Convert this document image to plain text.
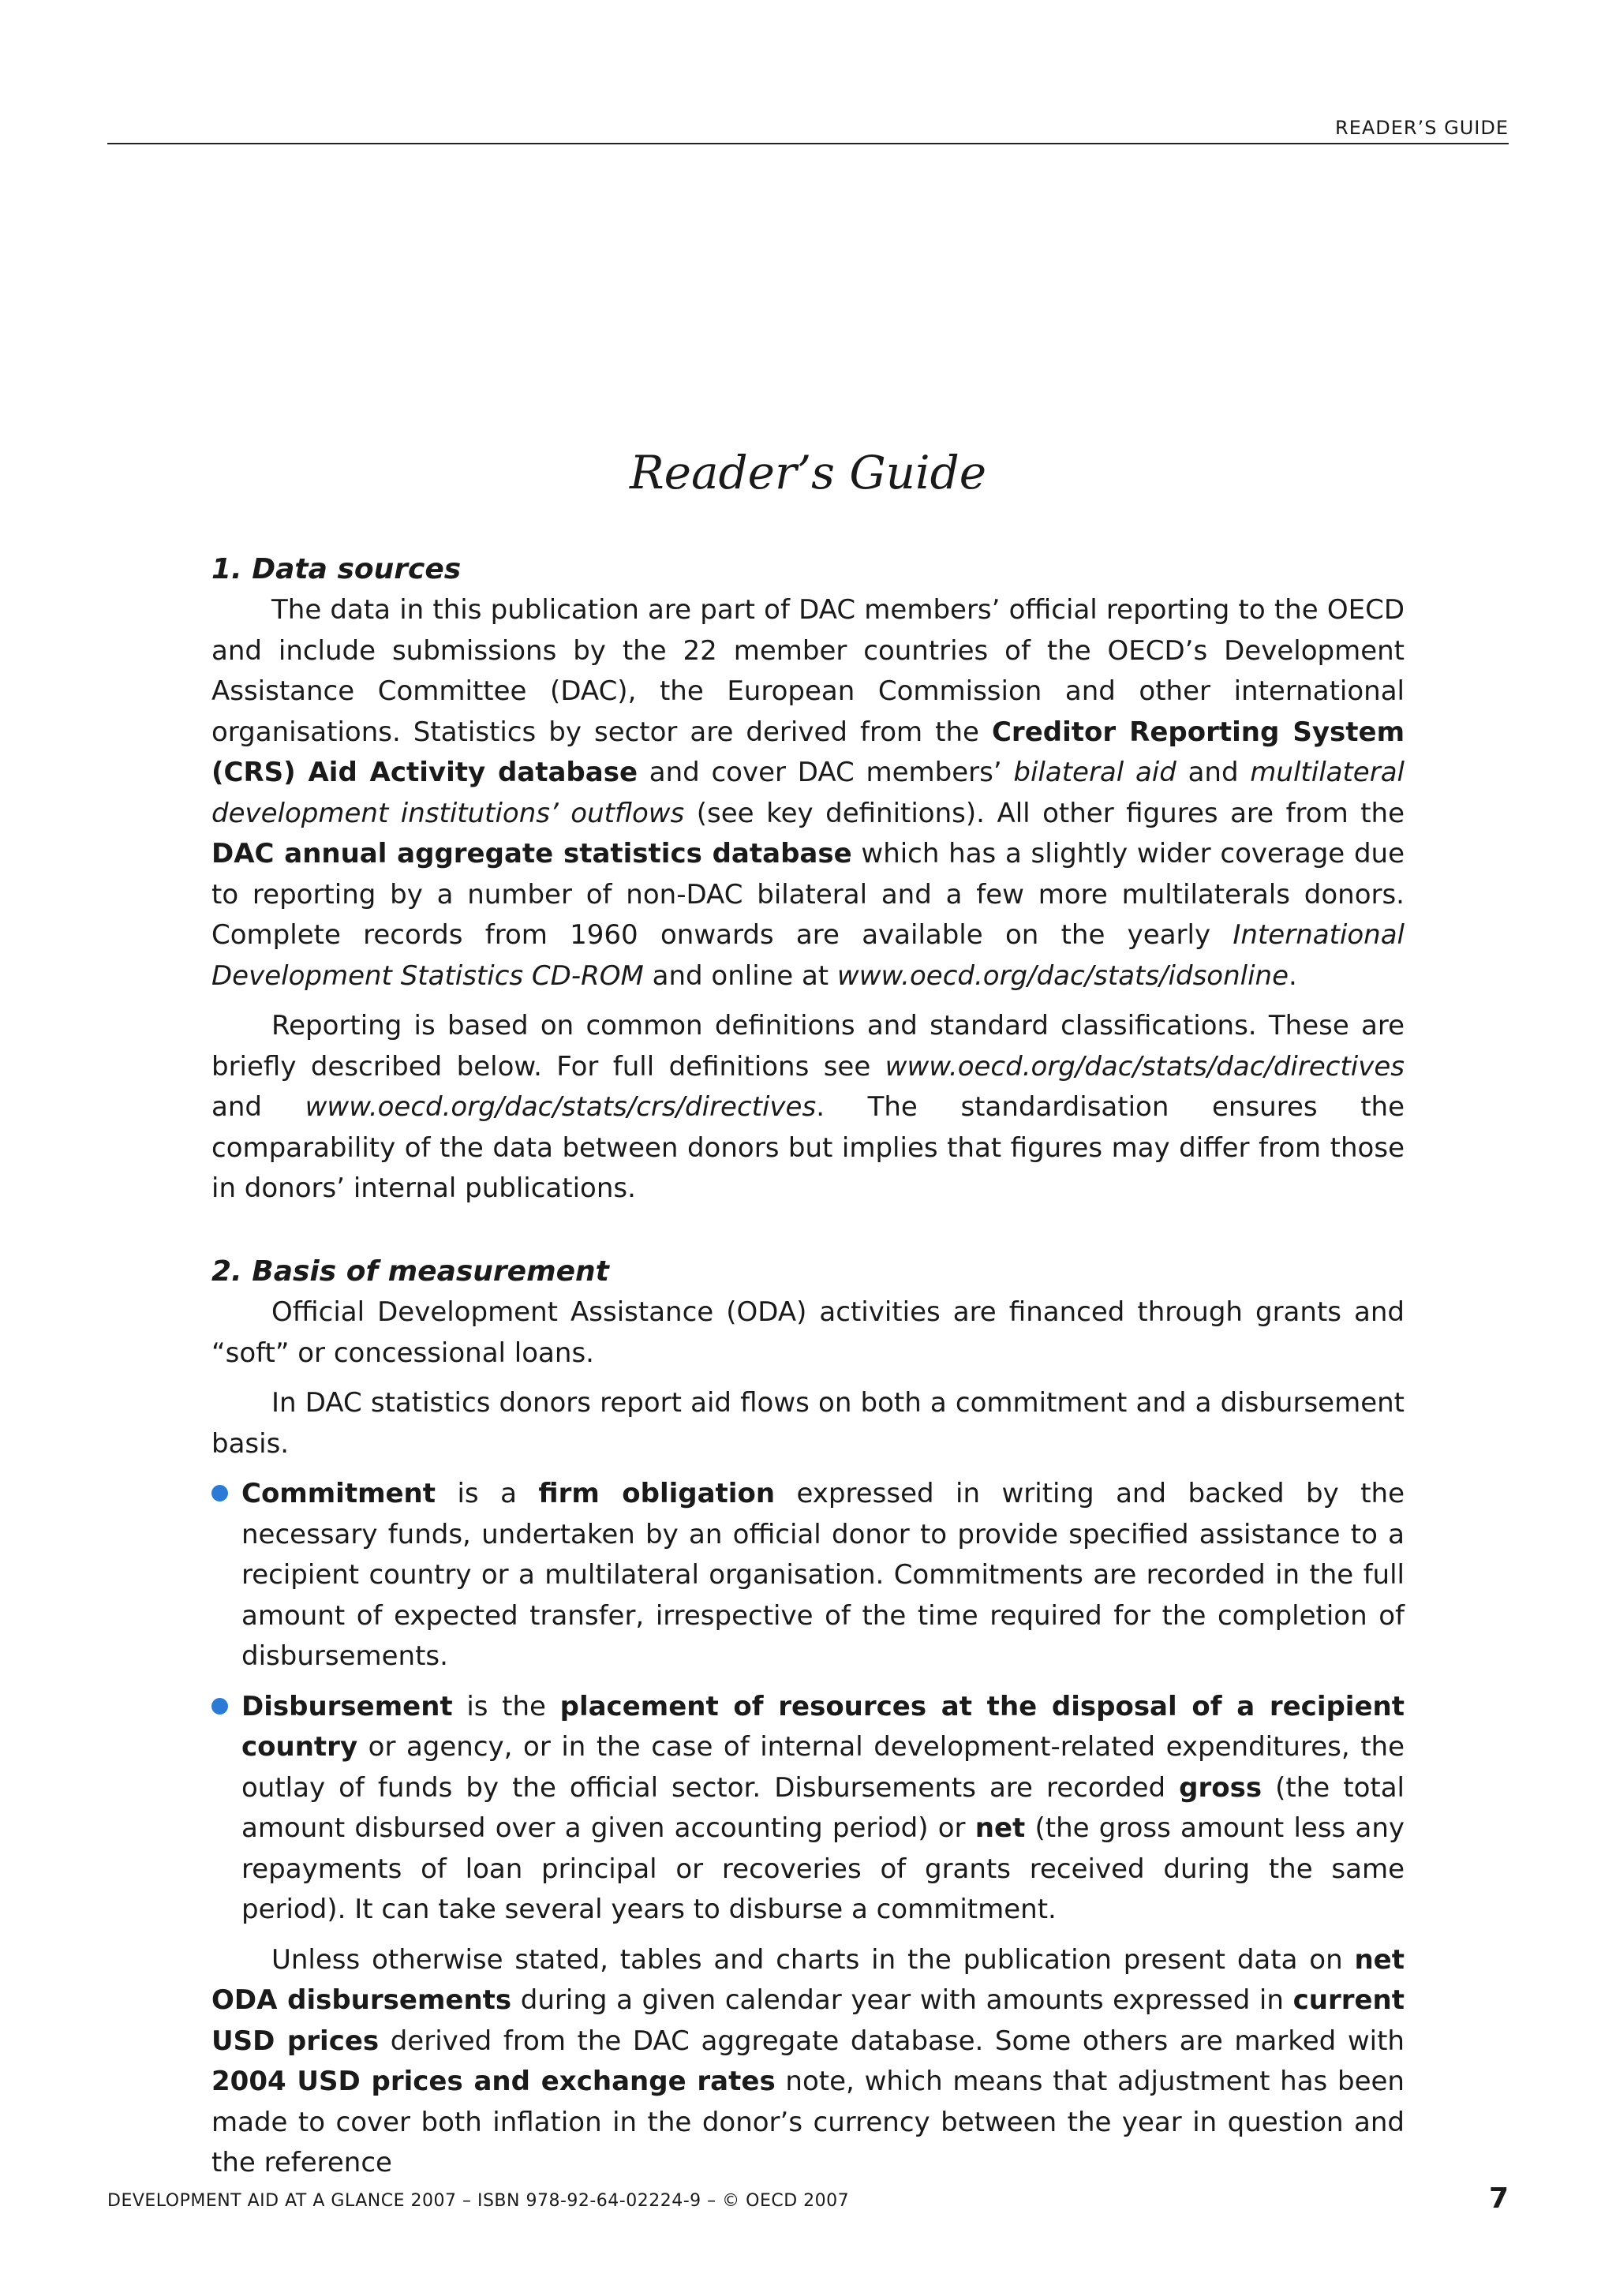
READER’S GUIDE
Reader’s Guide
1. Data sources

The data in this publication are part of DAC members’ official reporting to the OECD and include submissions by the 22 member countries of the OECD’s Development Assistance Committee (DAC), the European Commission and other international organisations. Statistics by sector are derived from the Creditor Reporting System (CRS) Aid Activity database and cover DAC members’ bilateral aid and multilateral development institutions’ outflows (see key definitions). All other figures are from the DAC annual aggregate statistics database which has a slightly wider coverage due to reporting by a number of non-DAC bilateral and a few more multilaterals donors. Complete records from 1960 onwards are available on the yearly International Development Statistics CD-ROM and online at www.oecd.org/dac/stats/idsonline.

Reporting is based on common definitions and standard classifications. These are briefly described below. For full definitions see www.oecd.org/dac/stats/dac/directives and www.oecd.org/dac/stats/crs/directives. The standardisation ensures the comparability of the data between donors but implies that figures may differ from those in donors’ internal publications.

2. Basis of measurement

Official Development Assistance (ODA) activities are financed through grants and “soft” or concessional loans.

In DAC statistics donors report aid flows on both a commitment and a disbursement basis.

Commitment is a firm obligation expressed in writing and backed by the necessary funds, undertaken by an official donor to provide specified assistance to a recipient country or a multilateral organisation. Commitments are recorded in the full amount of expected transfer, irrespective of the time required for the completion of disbursements.
Disbursement is the placement of resources at the disposal of a recipient country or agency, or in the case of internal development-related expenditures, the outlay of funds by the official sector. Disbursements are recorded gross (the total amount disbursed over a given accounting period) or net (the gross amount less any repayments of loan principal or recoveries of grants received during the same period). It can take several years to disburse a commitment.

Unless otherwise stated, tables and charts in the publication present data on net ODA disbursements during a given calendar year with amounts expressed in current USD prices derived from the DAC aggregate database. Some others are marked with 2004 USD prices and exchange rates note, which means that adjustment has been made to cover both inflation in the donor’s currency between the year in question and the reference

DEVELOPMENT AID AT A GLANCE 2007 – ISBN 978-92-64-02224-9 – © OECD 2007	7
